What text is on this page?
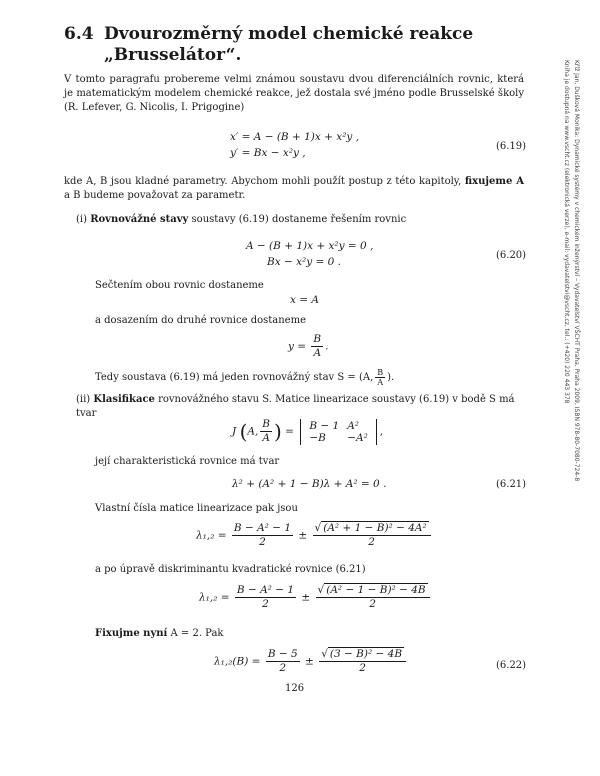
6.4 Dvourozměrný model chemické reakce
„Brusselátor“.
V tomto paragrafu probereme velmi známou soustavu dvou diferenciálních rovnic, která je matematickým modelem chemické reakce, jež dostala své jméno podle Brusselské školy (R. Lefever, G. Nicolis, I. Prigogine)
x′ = A − (B + 1)x + x²y ,
y′ = Bx − x²y ,
(6.19)
kde A, B jsou kladné parametry. Abychom mohli použít postup z této kapitoly, fixujeme A a B budeme považovat za parametr.
(i) Rovnovážné stavy soustavy (6.19) dostaneme řešením rovnic
A − (B + 1)x + x²y = 0 ,
Bx − x²y = 0 .
(6.20)
Sečtením obou rovnic dostaneme
x = A
a dosazením do druhé rovnice dostaneme
$y = \frac{B}{A}$ .
Tedy soustava (6.19) má jeden rovnovážný stav S = (A, $\frac{B}{A}$ ).
(ii) Klasifikace rovnovážného stavu S. Matice linearizace soustavy (6.19) v bodě S má tvar
J (A, $\frac{B}{A}$ ) = B − 1	A²
−B	−A² ,
její charakteristická rovnice má tvar
λ² + (A² + 1 − B)λ + A² = 0 .	(6.21)
Vlastní čísla matice linearizace pak jsou
$\lambda_1,_2 = \frac{\text{B − A² − 1}}{2} \pm \frac{\text{√ (A² + 1 − B)² − 4A²}}{2}$
a po úpravě diskriminantu kvadratické rovnice (6.21)
$\lambda_1,_2 = \frac{\text{B − A² − 1}}{2} \pm \frac{\text{√ (A² − 1 − B)² − 4B}}{2}$
Fixujme nyní A = 2. Pak
$\lambda_1,_2(B) = \frac{B - 5}{2} \pm \frac{\text{√ (3 − B)² − 4B}}{2}$	(6.22)
126
Kříž Jan, Dušková Monika: Dynamické systémy v chemickém inženýrství – Vydavatelství VŠCHT Praha, Praha 2009, ISBN 978-80-7080-724-8
Kniha je dostupná na www.vscht.cz (elektronická verze), e-mail: vydavatelstvi@vscht.cz, tel.: (+420) 220 443 378
